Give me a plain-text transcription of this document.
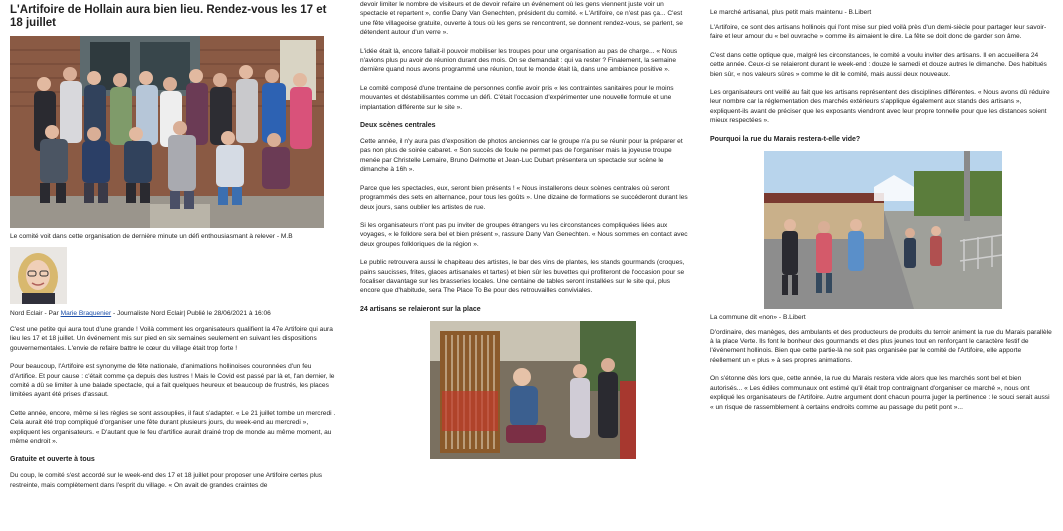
L'Artifoire de Hollain aura bien lieu. Rendez-vous les 17 et 18 juillet
Le comité voit dans cette organisation de dernière minute un défi enthousiasmant à relever - M.B
Nord Eclair - Par Marie Braquenier - Journaliste Nord Eclair| Publié le 28/06/2021 à 16:06

C'est une petite qui aura tout d'une grande ! Voilà comment les organisateurs qualifient la 47e Artifoire qui aura lieu les 17 et 18 juillet. Un événement mis sur pied en six semaines seulement en suivant les dispositions gouvernementales. L'envie de refaire battre le cœur du village était trop forte !

Pour beaucoup, l'Artifoire est synonyme de fête nationale, d'animations hollinoises couronnées d'un feu d'Artifice. Et pour cause : c'était comme ça depuis des lustres ! Mais le Covid est passé par là et, l'an dernier, le comité a dû se limiter à une balade spectacle, qui a fait quelques heureux et beaucoup de frustrés, les places limitées ayant été prises d'assaut.

Cette année, encore, même si les règles se sont assouplies, il faut s'adapter. « Le 21 juillet tombe un mercredi . Cela aurait été trop compliqué d'organiser une fête durant plusieurs jours, du week-end au mercredi », expliquent les organisateurs. « D'autant que le feu d'artifice aurait drainé trop de monde au même moment, au même endroit ».

Gratuite et ouverte à tous

Du coup, le comité s'est accordé sur le week-end des 17 et 18 juillet pour proposer une Artifoire certes plus restreinte, mais complètement dans l'esprit du village. « On avait de grandes craintes de

devoir limiter le nombre de visiteurs et de devoir refaire un événement où les gens viennent juste voir un spectacle et repartent », confie Dany Van Genechten, président du comité. « L'Artifoire, ce n'est pas ça... C'est une fête villageoise gratuite, ouverte à tous où les gens se rencontrent, se donnent rendez-vous, se parlent, se détendent autour d'un verre ».

L'idée était là, encore fallait-il pouvoir mobiliser les troupes pour une organisation au pas de charge... « Nous n'avions plus pu avoir de réunion durant des mois. On se demandait : qui va rester ? Finalement, la semaine dernière quand nous avons programmé une réunion, tout le monde était là, dans une ambiance positive ».

Le comité composé d'une trentaine de personnes confie avoir pris « les contraintes sanitaires pour le moins mouvantes et déstabilisantes comme un défi. C'était l'occasion d'expérimenter une nouvelle formule et une implantation différente sur le site ».

Deux scènes centrales

Cette année, il n'y aura pas d'exposition de photos anciennes car le groupe n'a pu se réunir pour la préparer et pas non plus de soirée cabaret. « Son succès de foule ne permet pas de l'organiser mais la joyeuse troupe menée par Christelle Lemaire, Bruno Delmotte et Jean-Luc Dubart présentera un spectacle sur scène le dimanche à 16h ».

Parce que les spectacles, eux, seront bien présents ! « Nous installerons deux scènes centrales où seront programmés des sets en alternance, pour tous les goûts ». Une dizaine de formations se succéderont durant les deux jours, sans oublier les artistes de rue.

Si les organisateurs n'ont pas pu inviter de groupes étrangers vu les circonstances compliquées liées aux voyages, « le folklore sera bel et bien présent », rassure Dany Van Genechten. « Nous sommes en contact avec deux groupes folkloriques de la région ».

Le public retrouvera aussi le chapiteau des artistes, le bar des vins de plantes, les stands gourmands (croques, pains saucisses, frites, glaces artisanales et tartes) et bien sûr les buvettes qui profiteront de l'occasion pour se focaliser davantage sur les brasseries locales. Une centaine de tables seront installées sur le site qui, plus encore que d'habitude, sera The Place To Be pour des retrouvailles conviviales.

24 artisans se relaieront sur la place
Le marché artisanal, plus petit mais maintenu - B.Libert

L'Artifoire, ce sont des artisans hollinois qui l'ont mise sur pied voilà près d'un demi-siècle pour partager leur savoir-faire et leur amour du « bel ouvrache » comme ils aimaient le dire. La fête se doit donc de garder son âme.

C'est dans cette optique que, malgré les circonstances, le comité a voulu inviter des artisans. Il en accueillera 24 cette année. Ceux-ci se relaieront durant le week-end : douze le samedi et douze autres le dimanche. Des habitués bien sûr, « nos valeurs sûres » comme le dit le comité, mais aussi deux nouveaux.

Les organisateurs ont veillé au fait que les artisans représentent des disciplines différentes. « Nous avons dû réduire leur nombre car la réglementation des marchés extérieurs s'applique également aux stands des artisans », expliquent-ils avant de préciser que les exposants viendront avec leur propre tonnelle pour que les distances soient mieux respectées ».

Pourquoi la rue du Marais restera-t-elle vide?
La commune dit «non» - B.Libert

D'ordinaire, des manèges, des ambulants et des producteurs de produits du terroir animent la rue du Marais parallèle à la place Verte. Ils font le bonheur des gourmands et des plus jeunes tout en renforçant le caractère festif de l'événement hollinois. Bien que cette partie-là ne soit pas organisée par le comité de l'Artifoire, elle apporte réellement un « plus » à ses propres animations.

On s'étonne dès lors que, cette année, la rue du Marais restera vide alors que les marchés sont bel et bien autorisés... « Les édiles communaux ont estimé qu'il était trop contraignant d'organiser ce marché », nous ont expliqué les organisateurs de l'Artifoire. Autre argument dont chacun pourra juger la pertinence : le souci serait aussi « un risque de rassemblement à certains endroits comme au passage du petit pont »...
